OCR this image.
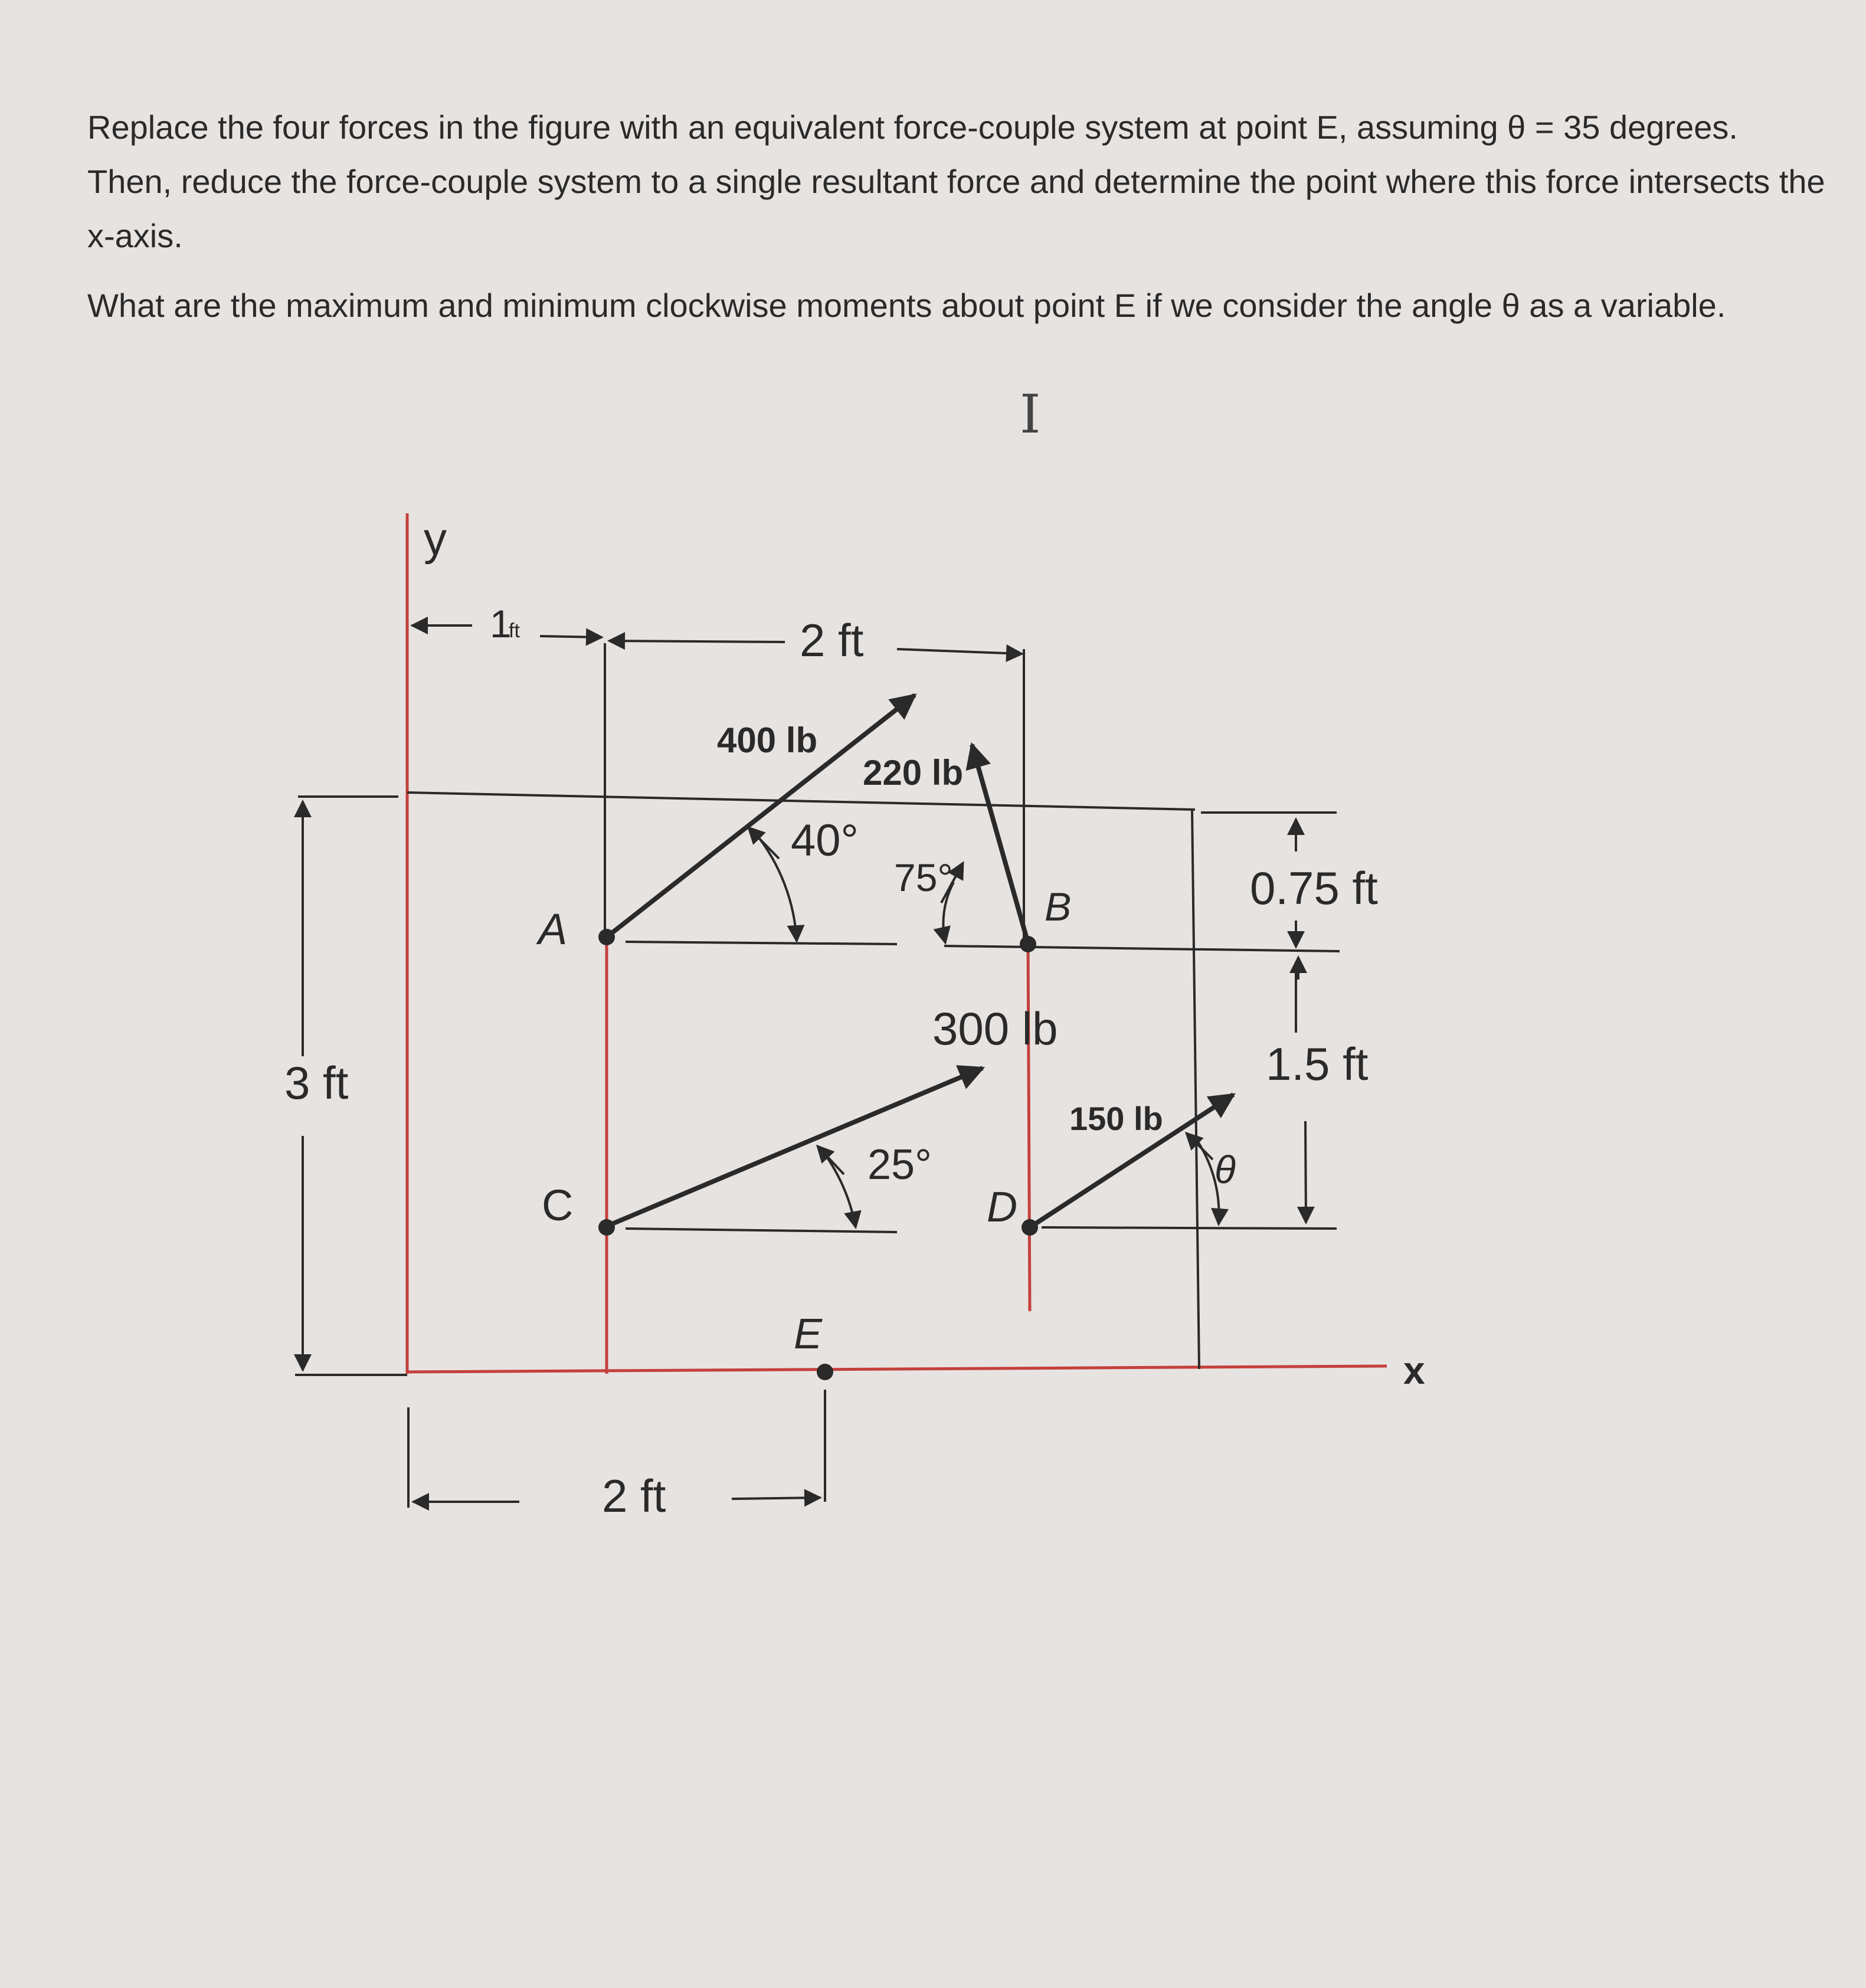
Replace the four forces in the figure with an equivalent force-couple system at point E, assuming θ = 35 degrees. Then, reduce the force-couple system to a single resultant force and determine the point where this force intersects the x-axis.

What are the maximum and minimum clockwise moments about point E if we consider the angle θ as a variable.

I
y
x
1
ft	2 ft
3 ft
2 ft
0.75 ft
1.5 ft
A	B
C	D
E
400 lb
220 lb
300 lb
150 lb
40°
75°
25°	θ
